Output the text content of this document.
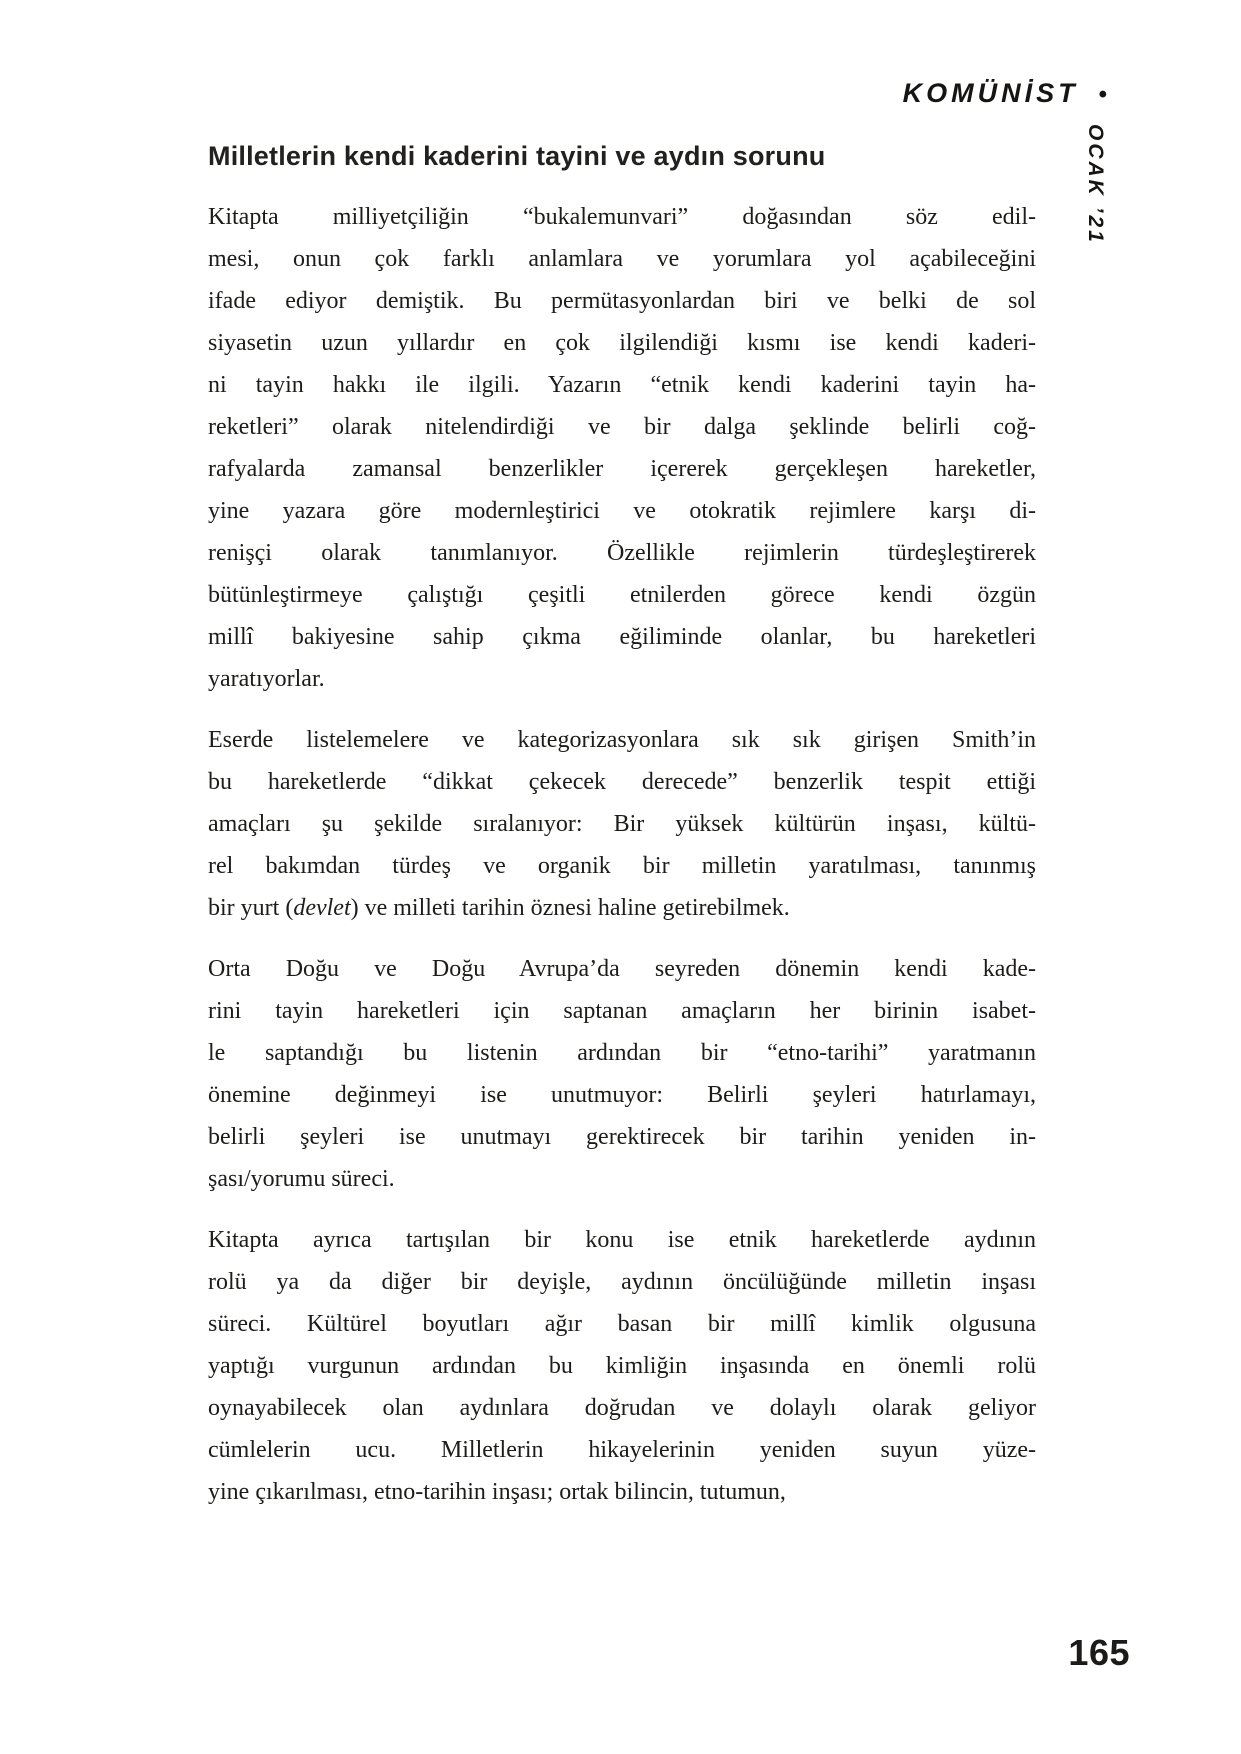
KOMÜNİST •
OCAK ’21
Milletlerin kendi kaderini tayini ve aydın sorunu
Kitapta milliyetçiliğin “bukalemunvari” doğasından söz edil-
mesi, onun çok farklı anlamlara ve yorumlara yol açabileceğini
ifade ediyor demiştik. Bu permütasyonlardan biri ve belki de sol
siyasetin uzun yıllardır en çok ilgilendiği kısmı ise kendi kaderi-
ni tayin hakkı ile ilgili. Yazarın “etnik kendi kaderini tayin ha-
reketleri” olarak nitelendirdiği ve bir dalga şeklinde belirli coğ-
rafyalarda zamansal benzerlikler içererek gerçekleşen hareketler,
yine yazara göre modernleştirici ve otokratik rejimlere karşı di-
renişçi olarak tanımlanıyor. Özellikle rejimlerin türdeşleştirerek
bütünleştirmeye çalıştığı çeşitli etnilerden görece kendi özgün
millî bakiyesine sahip çıkma eğiliminde olanlar, bu hareketleri
yaratıyorlar.
Eserde listelemelere ve kategorizasyonlara sık sık girişen Smith’in
bu hareketlerde “dikkat çekecek derecede” benzerlik tespit ettiği
amaçları şu şekilde sıralanıyor: Bir yüksek kültürün inşası, kültü-
rel bakımdan türdeş ve organik bir milletin yaratılması, tanınmış
bir yurt (devlet) ve milleti tarihin öznesi haline getirebilmek.
Orta Doğu ve Doğu Avrupa’da seyreden dönemin kendi kade-
rini tayin hareketleri için saptanan amaçların her birinin isabet-
le saptandığı bu listenin ardından bir “etno-tarihi” yaratmanın
önemine değinmeyi ise unutmuyor: Belirli şeyleri hatırlamayı,
belirli şeyleri ise unutmayı gerektirecek bir tarihin yeniden in-
şası/yorumu süreci.
Kitapta ayrıca tartışılan bir konu ise etnik hareketlerde aydının
rolü ya da diğer bir deyişle, aydının öncülüğünde milletin inşası
süreci. Kültürel boyutları ağır basan bir millî kimlik olgusuna
yaptığı vurgunun ardından bu kimliğin inşasında en önemli rolü
oynayabilecek olan aydınlara doğrudan ve dolaylı olarak geliyor
cümlelerin ucu. Milletlerin hikayelerinin yeniden suyun yüze-
yine çıkarılması, etno-tarihin inşası; ortak bilincin, tutumun,
165
